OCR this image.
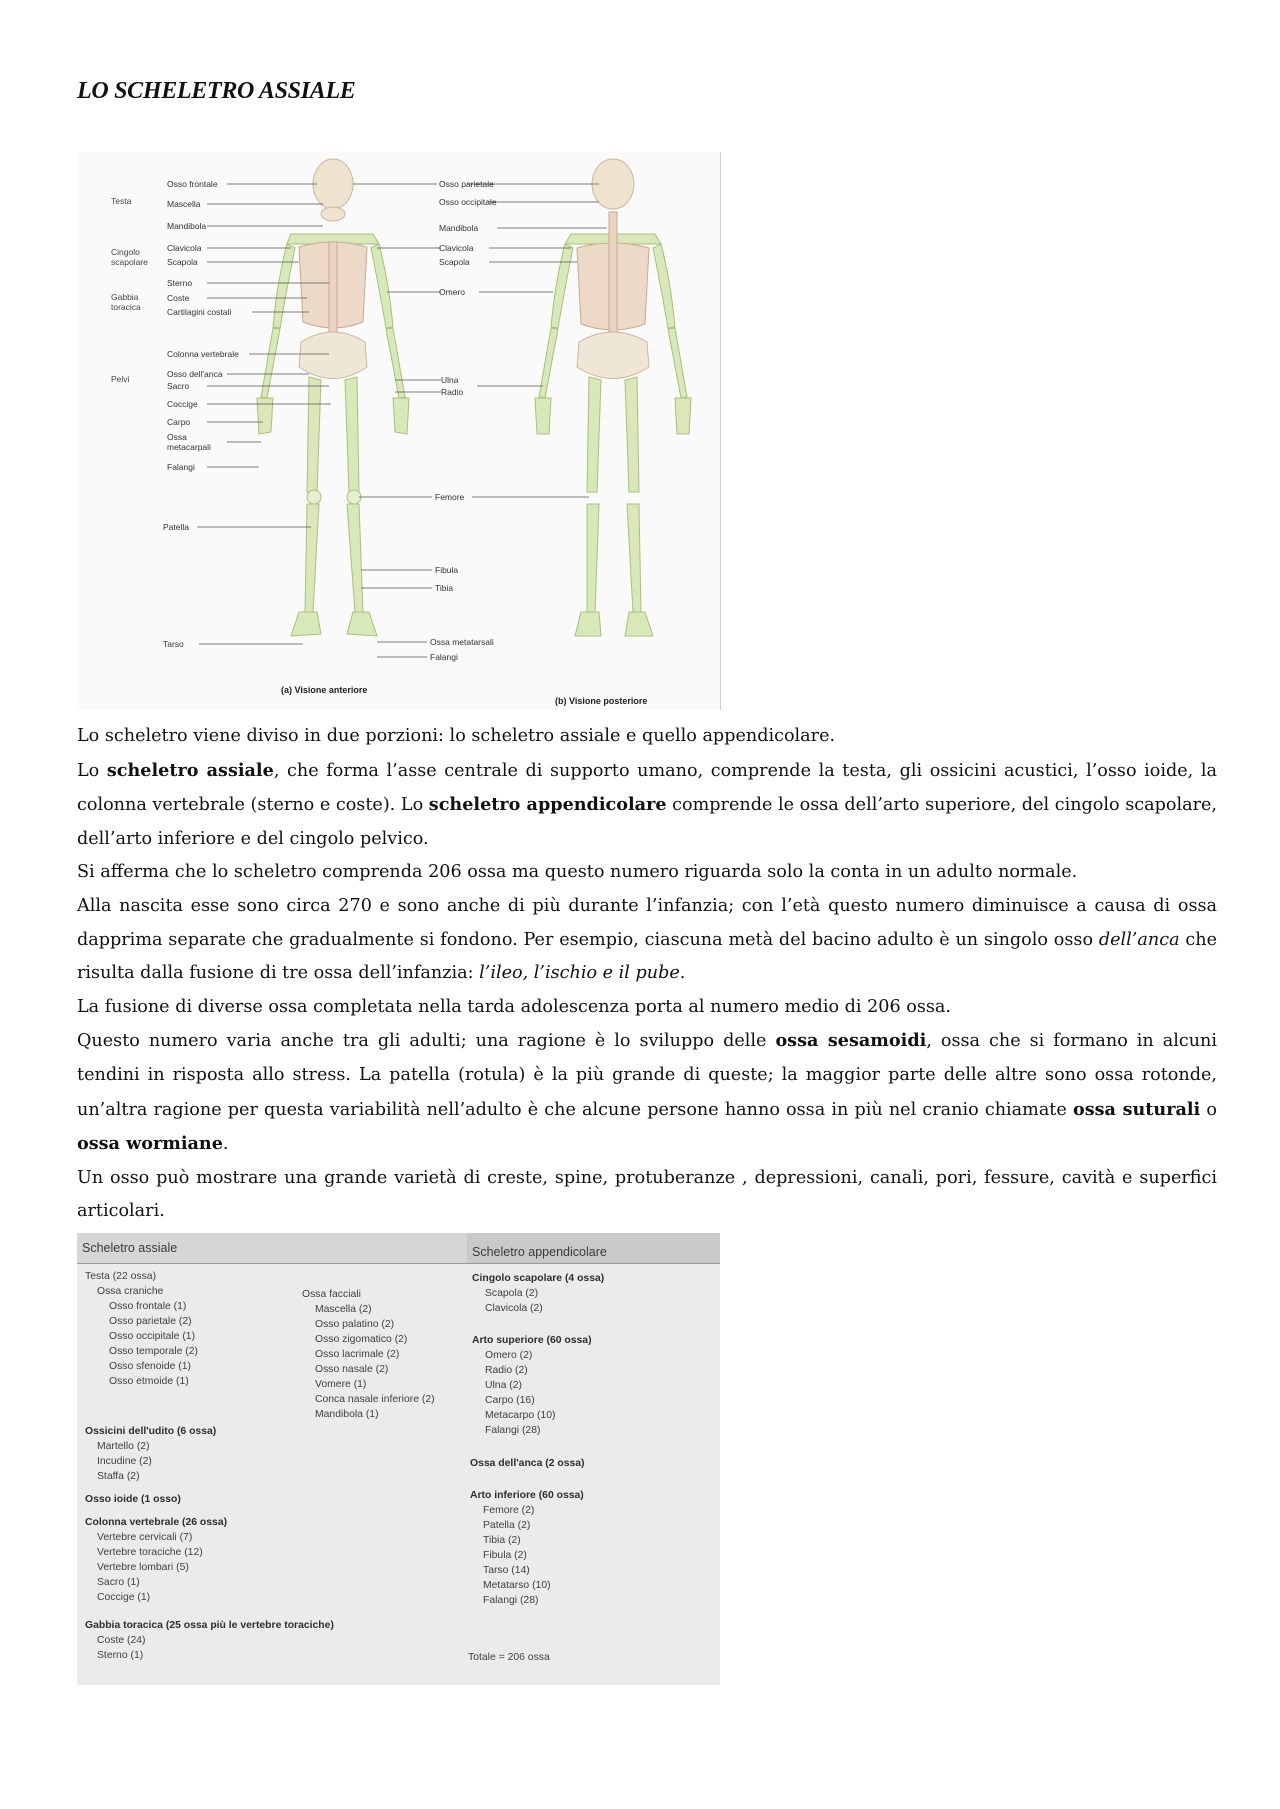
LO SCHELETRO ASSIALE
Testa
Osso frontale
Mascella
Mandibola
Cingolo
scapolare
Clavicola
Scapola
Gabbia
toracica
Sterno
Coste
Cartilagini costali
Colonna vertebrale
Pelvi	Osso dell'anca
Sacro
Coccige
Carpo
Ossa
metacarpali
Falangi
Patella
Tarso
Osso parietale
Osso occipitale
Mandibola
Clavicola
Scapola
Omero
Ulna
Radio
Femore
Fibula
Tibia
Ossa metatarsali
Falangi
(a) Visione anteriore
(b) Visione posteriore

Lo scheletro viene diviso in due porzioni: lo scheletro assiale e quello appendicolare.

Lo scheletro assiale, che forma l’asse centrale di supporto umano, comprende la testa, gli ossicini acustici, l’osso ioide, la colonna vertebrale (sterno e coste). Lo scheletro appendicolare comprende le ossa dell’arto superiore, del cingolo scapolare, dell’arto inferiore e del cingolo pelvico.

Si afferma che lo scheletro comprenda 206 ossa ma questo numero riguarda solo la conta in un adulto normale.

Alla nascita esse sono circa 270 e sono anche di più durante l’infanzia; con l’età questo numero diminuisce a causa di ossa dapprima separate che gradualmente si fondono. Per esempio, ciascuna metà del bacino adulto è un singolo osso dell’anca che risulta dalla fusione di tre ossa dell’infanzia: l’ileo, l’ischio e il pube.

La fusione di diverse ossa completata nella tarda adolescenza porta al numero medio di 206 ossa.

Questo numero varia anche tra gli adulti; una ragione è lo sviluppo delle ossa sesamoidi, ossa che si formano in alcuni tendini in risposta allo stress. La patella (rotula) è la più grande di queste; la maggior parte delle altre sono ossa rotonde, un’altra ragione per questa variabilità nell’adulto è che alcune persone hanno ossa in più nel cranio chiamate ossa suturali o ossa wormiane.

Un osso può mostrare una grande varietà di creste, spine, protuberanze , depressioni, canali, pori, fessure, cavità e superfici articolari.

Scheletro assiale	Scheletro appendicolare
Testa (22 ossa)
Ossa craniche
Osso frontale (1)
Osso parietale (2)
Osso occipitale (1)
Osso temporale (2)
Osso sfenoide (1)
Osso etmoide (1)
Ossa facciali
Mascella (2)
Osso palatino (2)
Osso zigomatico (2)
Osso lacrimale (2)
Osso nasale (2)
Vomere (1)
Conca nasale inferiore (2)
Mandibola (1)
Ossicini dell'udito (6 ossa)
Martello (2)
Incudine (2)
Staffa (2)
Osso ioide (1 osso)
Colonna vertebrale (26 ossa)
Vertebre cervicali (7)
Vertebre toraciche (12)
Vertebre lombari (5)
Sacro (1)
Coccige (1)
Gabbia toracica (25 ossa più le vertebre toraciche)
Coste (24)
Sterno (1)
Cingolo scapolare (4 ossa)
Scapola (2)
Clavicola (2)
Arto superiore (60 ossa)
Omero (2)
Radio (2)
Ulna (2)
Carpo (16)
Metacarpo (10)
Falangi (28)
Ossa dell'anca (2 ossa)
Arto inferiore (60 ossa)
Femore (2)
Patella (2)
Tibia (2)
Fibula (2)
Tarso (14)
Metatarso (10)
Falangi (28)
Totale = 206 ossa
